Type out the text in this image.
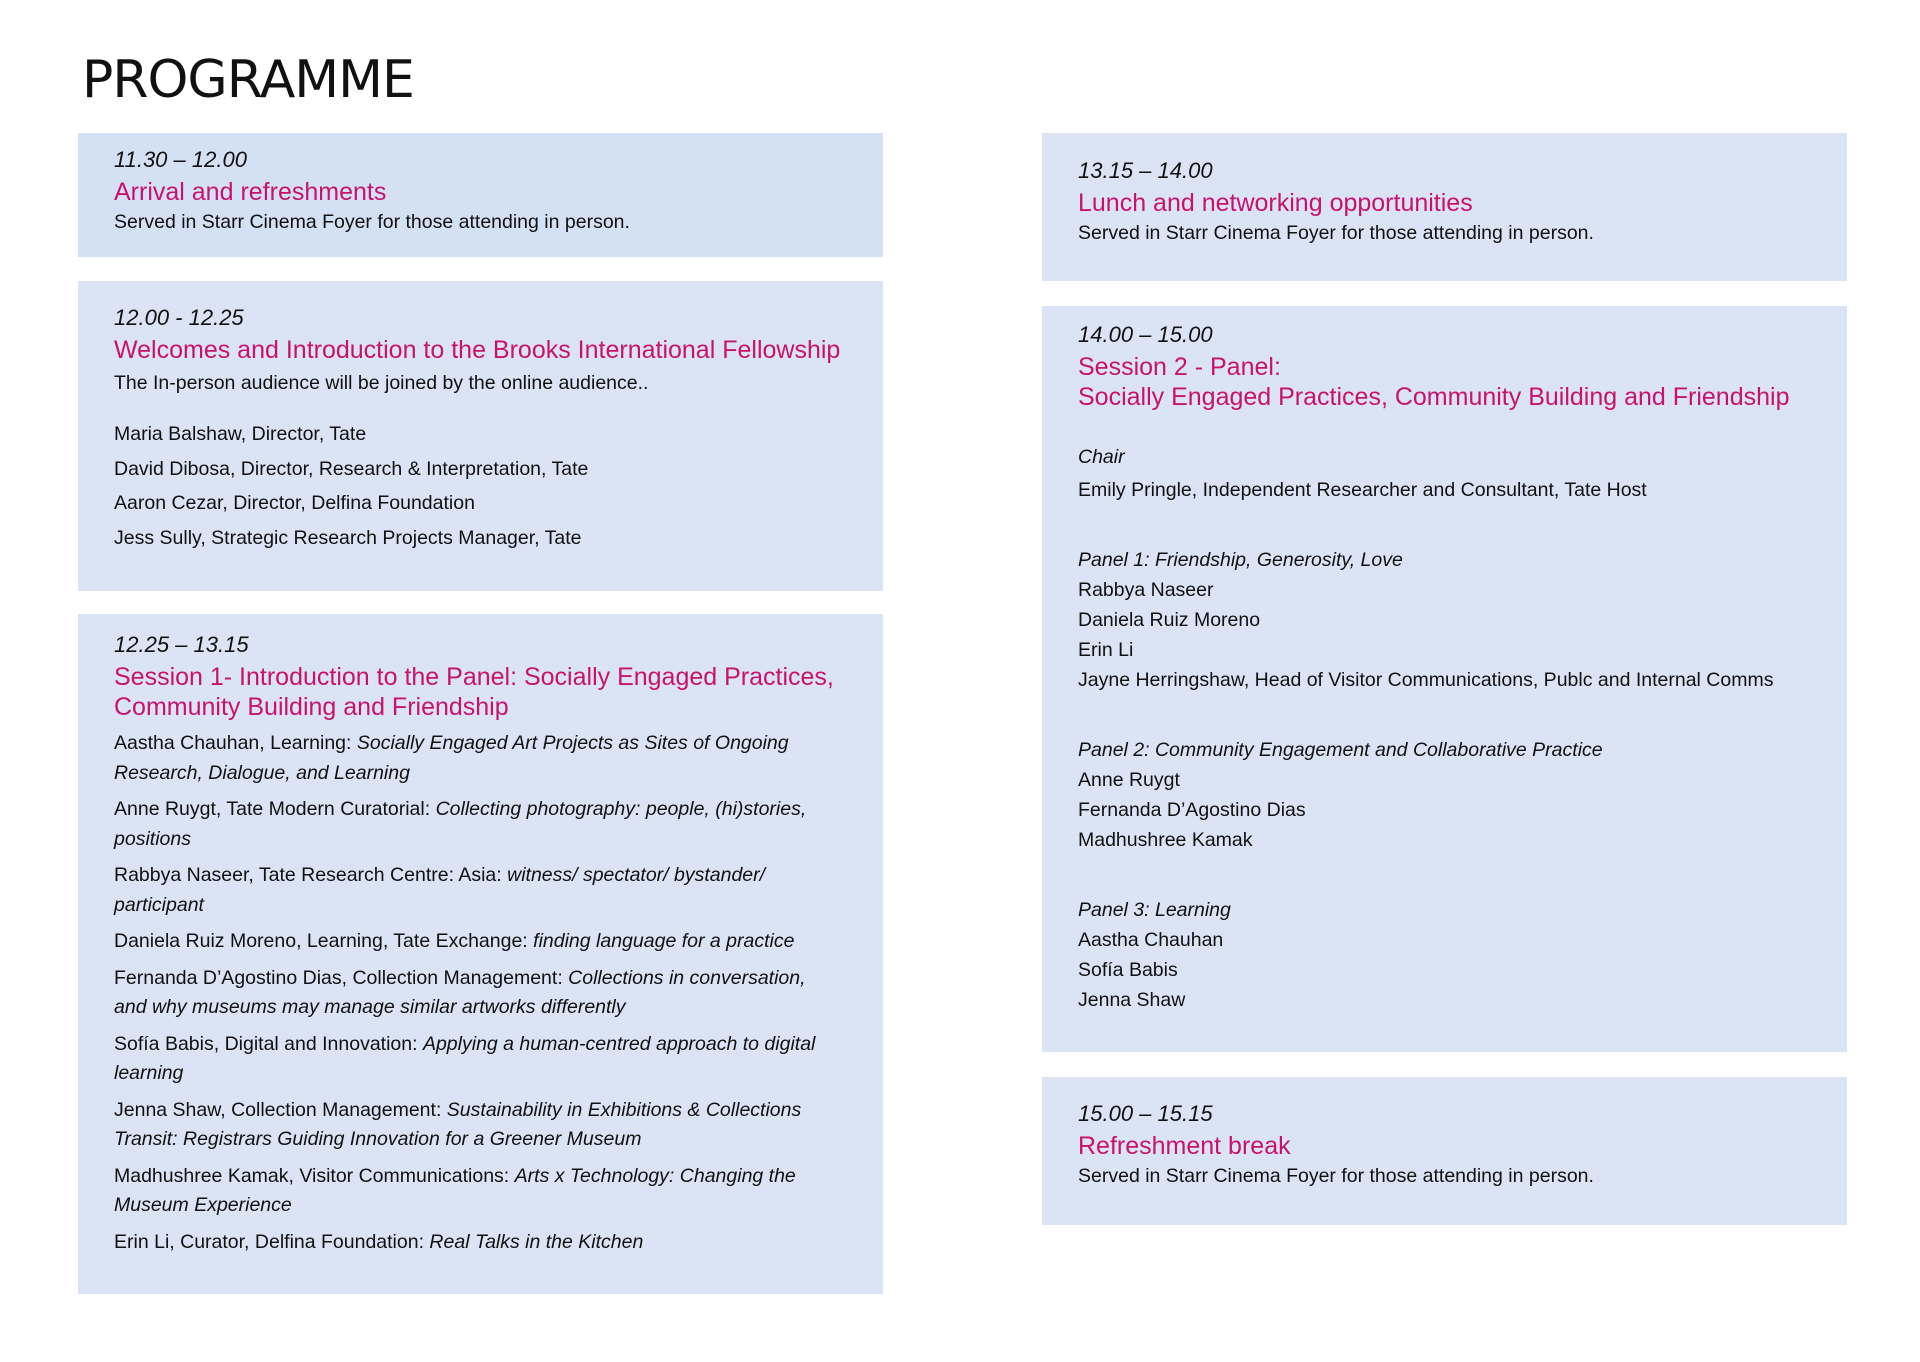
PROGRAMME
11.30 – 12.00
Arrival and refreshments
Served in Starr Cinema Foyer for those attending in person.
12.00 - 12.25
Welcomes and Introduction to the Brooks International Fellowship
The In-person audience will be joined by the online audience..
Maria Balshaw, Director, Tate
David Dibosa, Director, Research & Interpretation, Tate
Aaron Cezar, Director, Delfina Foundation
Jess Sully, Strategic Research Projects Manager, Tate
12.25 – 13.15
Session 1- Introduction to the Panel: Socially Engaged Practices,
Community Building and Friendship
Aastha Chauhan, Learning: Socially Engaged Art Projects as Sites of Ongoing Research, Dialogue, and Learning
Anne Ruygt, Tate Modern Curatorial: Collecting photography: people, (hi)stories, positions
Rabbya Naseer, Tate Research Centre: Asia: witness/ spectator/ bystander/ participant
Daniela Ruiz Moreno, Learning, Tate Exchange: finding language for a practice
Fernanda D’Agostino Dias, Collection Management: Collections in conversation, and why museums may manage similar artworks differently
Sofía Babis, Digital and Innovation: Applying a human-centred approach to digital learning
Jenna Shaw, Collection Management: Sustainability in Exhibitions & Collections Transit: Registrars Guiding Innovation for a Greener Museum
Madhushree Kamak, Visitor Communications: Arts x Technology: Changing the Museum Experience
Erin Li, Curator, Delfina Foundation: Real Talks in the Kitchen
13.15 – 14.00
Lunch and networking opportunities
Served in Starr Cinema Foyer for those attending in person.
14.00 – 15.00
Session 2 - Panel:
Socially Engaged Practices, Community Building and Friendship
Chair
Emily Pringle, Independent Researcher and Consultant, Tate Host
Panel 1: Friendship, Generosity, Love
Rabbya Naseer
Daniela Ruiz Moreno
Erin Li
Jayne Herringshaw, Head of Visitor Communications, Publc and Internal Comms
Panel 2: Community Engagement and Collaborative Practice
Anne Ruygt
Fernanda D’Agostino Dias
Madhushree Kamak
Panel 3: Learning
Aastha Chauhan
Sofía Babis
Jenna Shaw
15.00 – 15.15
Refreshment break
Served in Starr Cinema Foyer for those attending in person.
